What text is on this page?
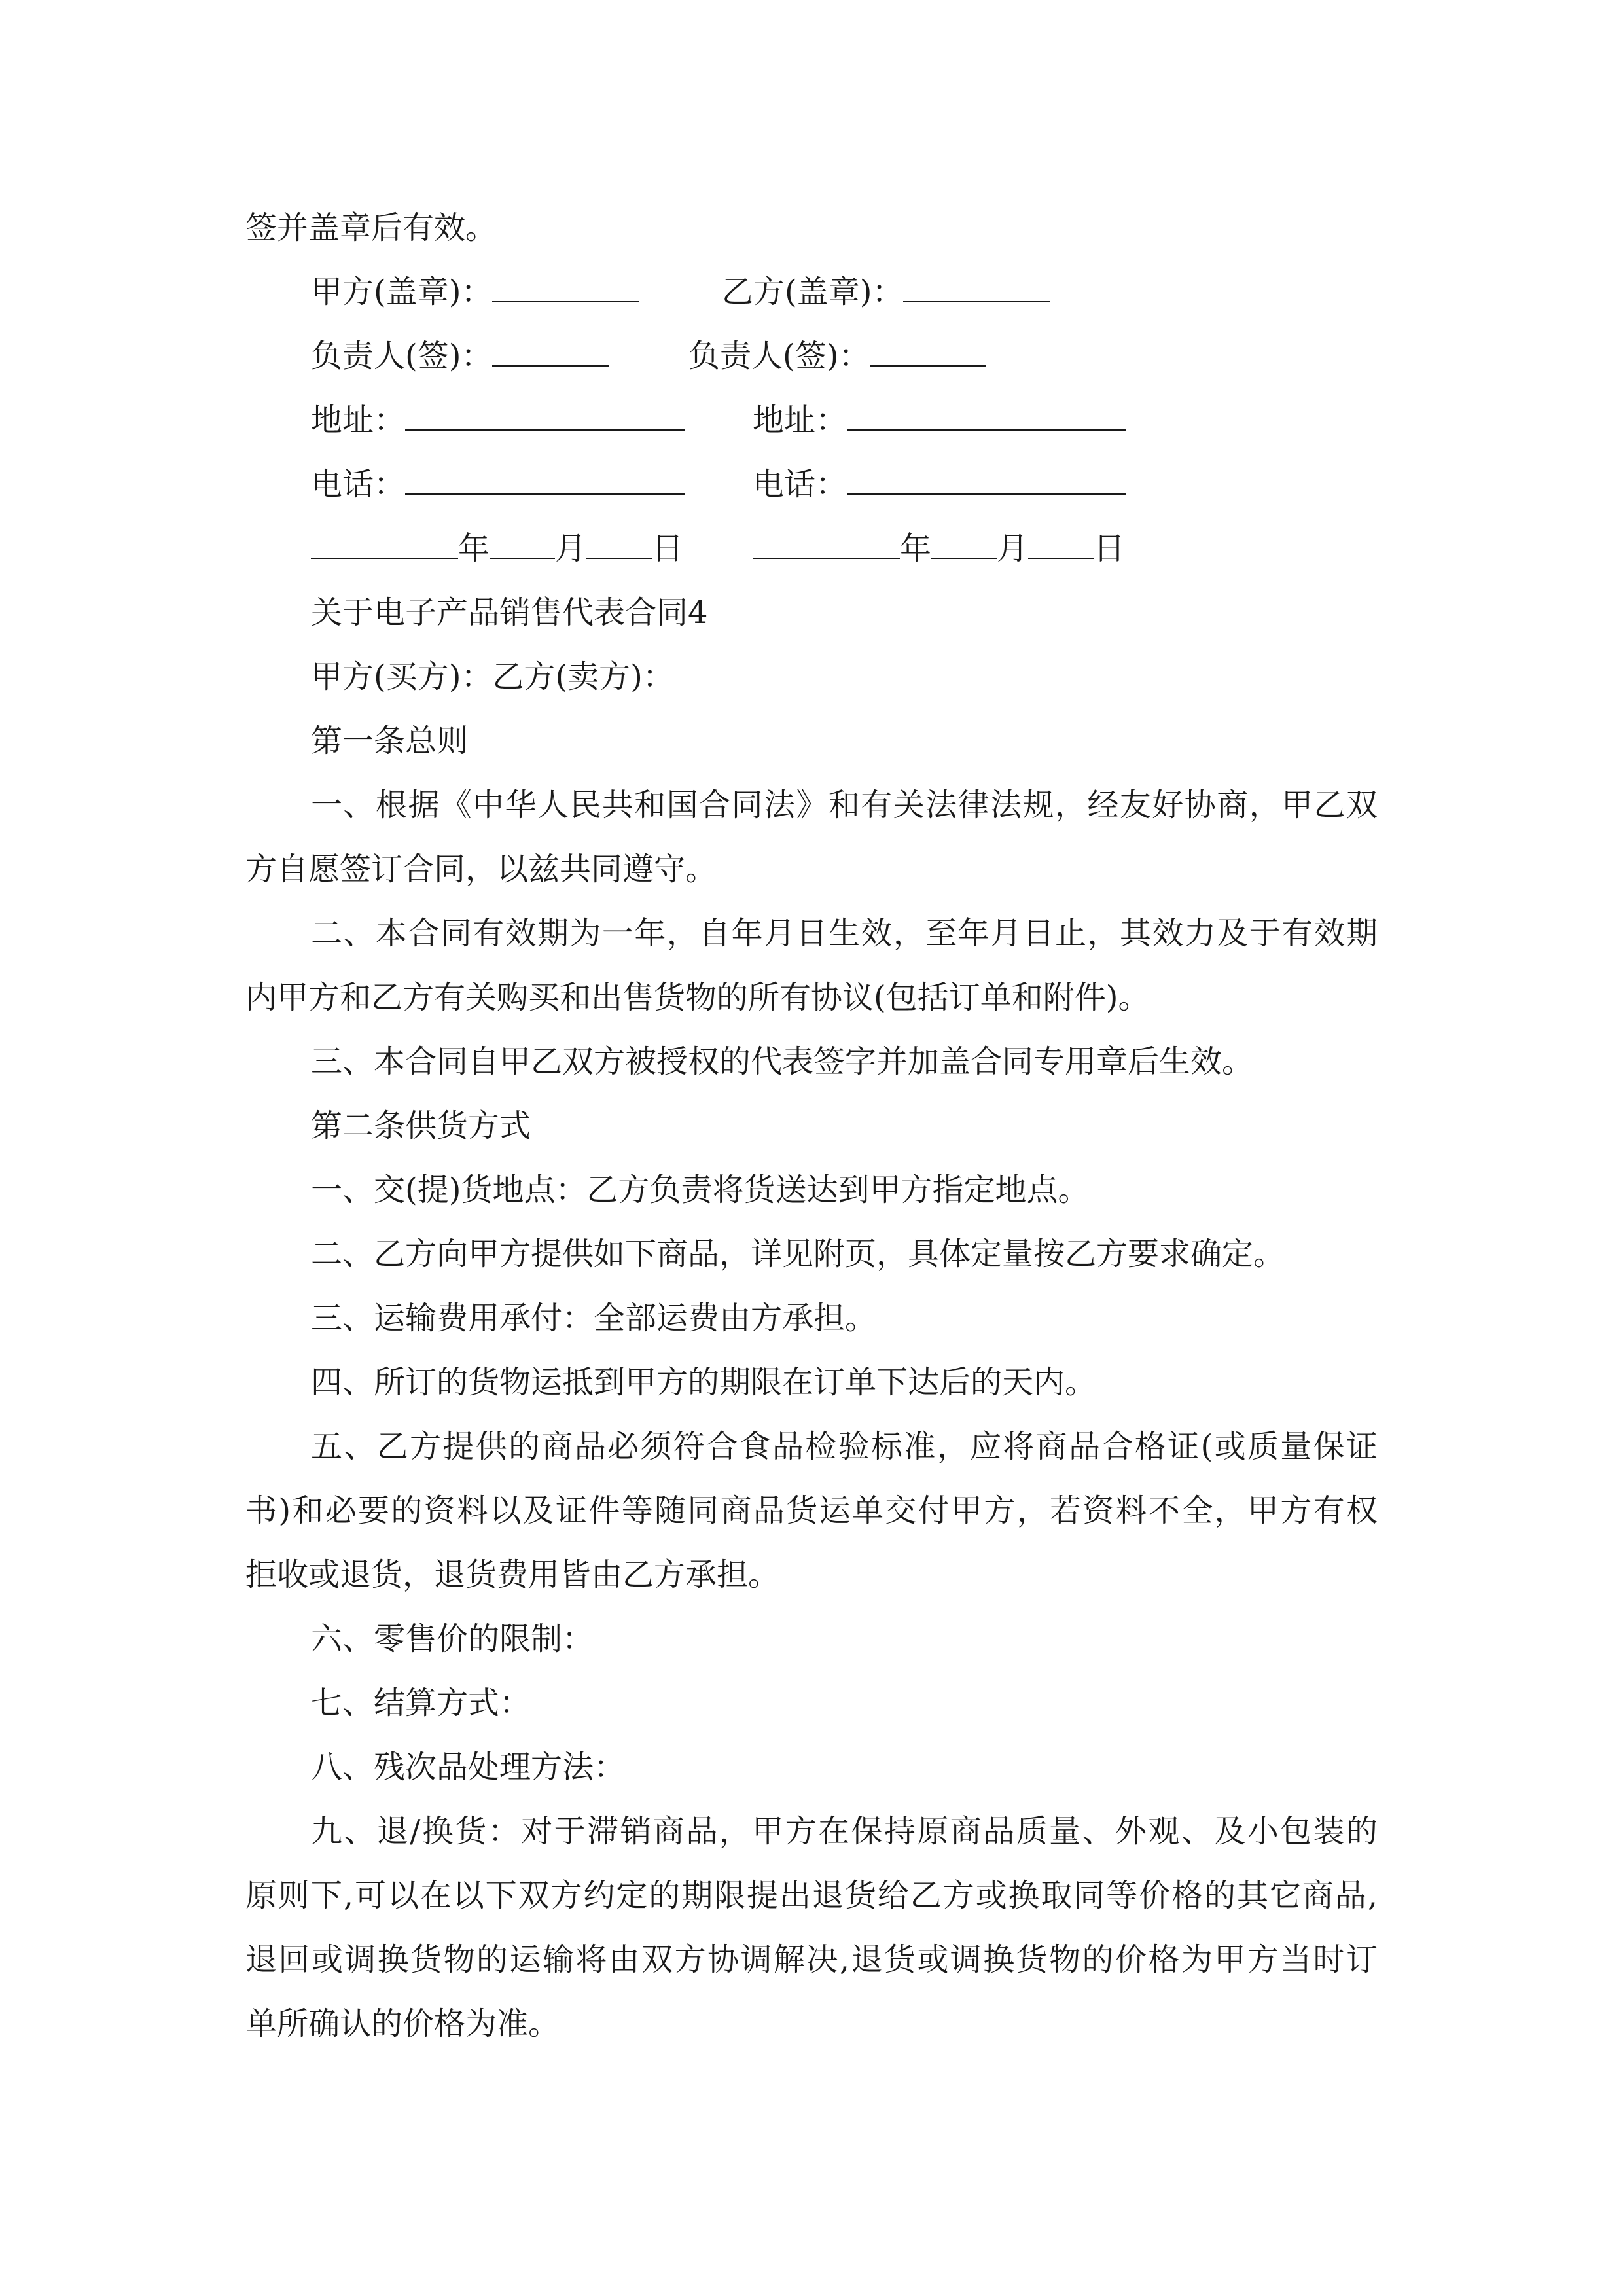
签并盖章后有效。

甲方(盖章)：	乙方(盖章)：
负责人(签)：	负责人(签)：
地址：	地址：
电话：	电话：
年 月 日	年 月 日

关于电子产品销售代表合同4

甲方(买方)：乙方(卖方)：

第一条总则

一、根据《中华人民共和国合同法》和有关法律法规，经友好协商，甲乙双

方自愿签订合同，以兹共同遵守。

二、本合同有效期为一年，自年月日生效，至年月日止，其效力及于有效期

内甲方和乙方有关购买和出售货物的所有协议(包括订单和附件)。

三、本合同自甲乙双方被授权的代表签字并加盖合同专用章后生效。

第二条供货方式

一、交(提)货地点：乙方负责将货送达到甲方指定地点。

二、乙方向甲方提供如下商品，详见附页，具体定量按乙方要求确定。

三、运输费用承付：全部运费由方承担。

四、所订的货物运抵到甲方的期限在订单下达后的天内。

五、乙方提供的商品必须符合食品检验标准，应将商品合格证(或质量保证

书)和必要的资料以及证件等随同商品货运单交付甲方，若资料不全，甲方有权

拒收或退货，退货费用皆由乙方承担。

六、零售价的限制：

七、结算方式：

八、残次品处理方法：

九、退/换货：对于滞销商品，甲方在保持原商品质量、外观、及小包装的

原则下,可以在以下双方约定的期限提出退货给乙方或换取同等价格的其它商品,

退回或调换货物的运输将由双方协调解决,退货或调换货物的价格为甲方当时订

单所确认的价格为准。
